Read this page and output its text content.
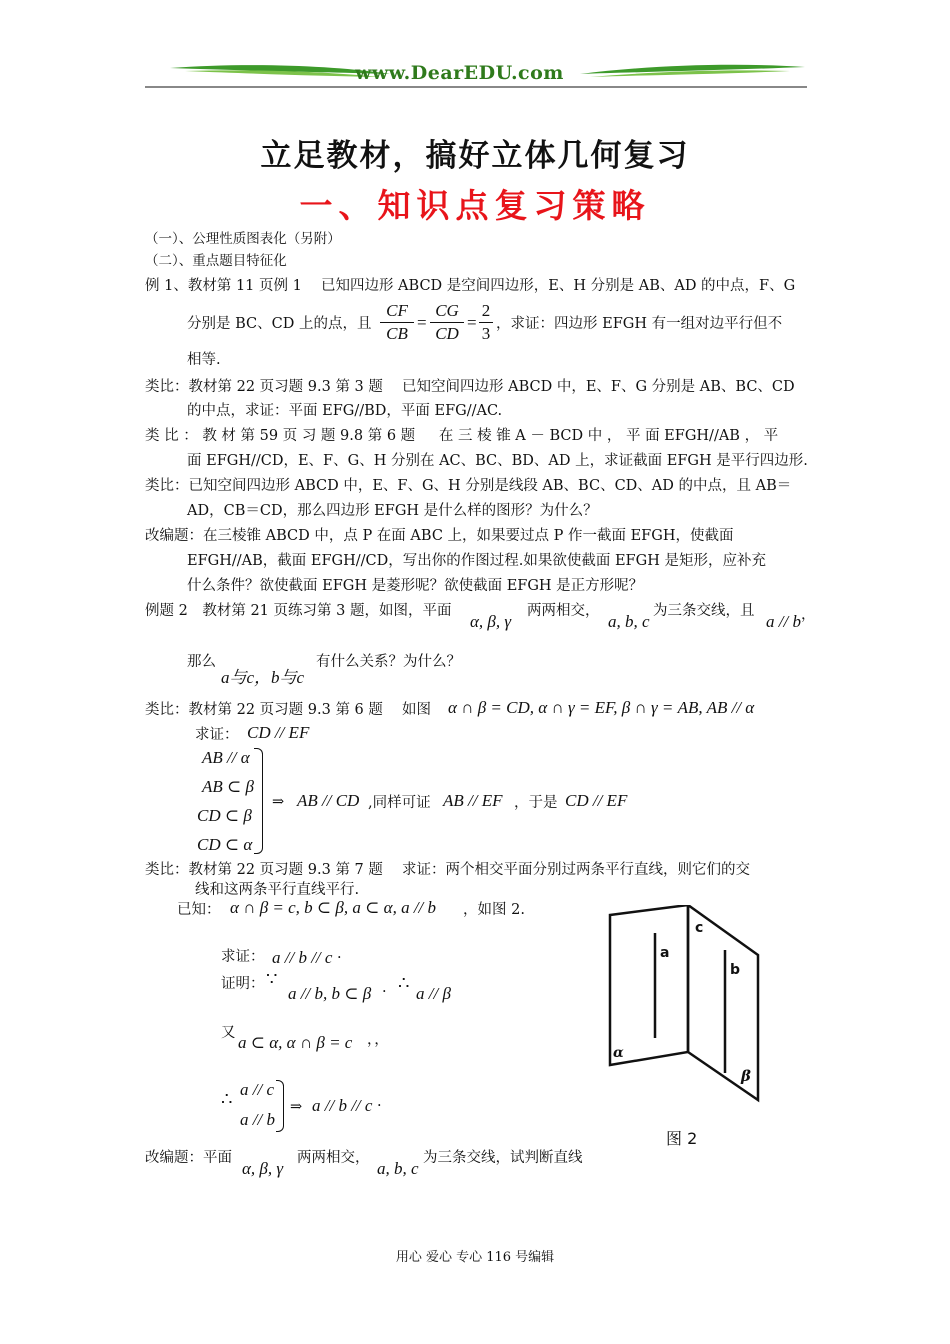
www.DearEDU.com
立足教材，搞好立体几何复习
一、知识点复习策略
（一）、公理性质图表化（另附）
（二）、重点题目特征化
例 1、教材第 11 页例 1　 已知四边形 ABCD 是空间四边形，E、H 分别是 AB、AD 的中点，F、G
分别是 BC、CD 上的点，且
CF
CB
=
CG
CD
=
2
3 ，求证：四边形 EFGH 有一组对边平行但不
相等.
类比：教材第 22 页习题 9.3 第 3 题　 已知空间四边形 ABCD 中，E、F、G 分别是 AB、BC、CD
的中点，求证：平面 EFG//BD，平面 EFG//AC.
类 比 ： 教 材 第 59 页 习 题 9.8 第 6 题 　 在 三 棱 锥 A － BCD 中 ， 平 面 EFGH//AB ， 平
面 EFGH//CD，E、F、G、H 分别在 AC、BC、BD、AD 上，求证截面 EFGH 是平行四边形.
类比：已知空间四边形 ABCD 中，E、F、G、H 分别是线段 AB、BC、CD、AD 的中点，且 AB＝
AD，CB＝CD，那么四边形 EFGH 是什么样的图形？为什么？
改编题：在三棱锥 ABCD 中，点 P 在面 ABC 上，如果要过点 P 作一截面 EFGH，使截面
EFGH//AB，截面 EFGH//CD，写出你的作图过程.如果欲使截面 EFGH 是矩形，应补充
什么条件？欲使截面 EFGH 是菱形呢？欲使截面 EFGH 是正方形呢？
例题 2　教材第 21 页练习第 3 题，如图，平面
α, β, γ
两两相交，
a, b, c
为三条交线，且
a // b ，
那么
a与c，b与c
有什么关系？为什么？
类比：教材第 22 页习题 9.3 第 6 题　 如图 α ∩ β = CD, α ∩ γ = EF, β ∩ γ = AB, AB // α
求证： CD // EF
AB // α
AB ⊂ β
CD ⊂ β
CD ⊂ α
⇒ AB // CD ,同样可证 AB // EF ，于是 CD // EF
类比：教材第 22 页习题 9.3 第 7 题　 求证：两个相交平面分别过两条平行直线，则它们的交
线和这两条平行直线平行.
已知： α ∩ β = c, b ⊂ β, a ⊂ α, a // b ，如图 2.
求证： a // b // c ·
证明： ∵
a // b, b ⊂ β · ∴ a // β
又 a ⊂ α, α ∩ β = c ，，
∴ a // c
a // b
⇒ a // b // c ·
a
c
b
α
β
图 2
改编题：平面
α, β, γ
两两相交，
a, b, c
为三条交线，试判断直线
用心 爱心 专心 116 号编辑
